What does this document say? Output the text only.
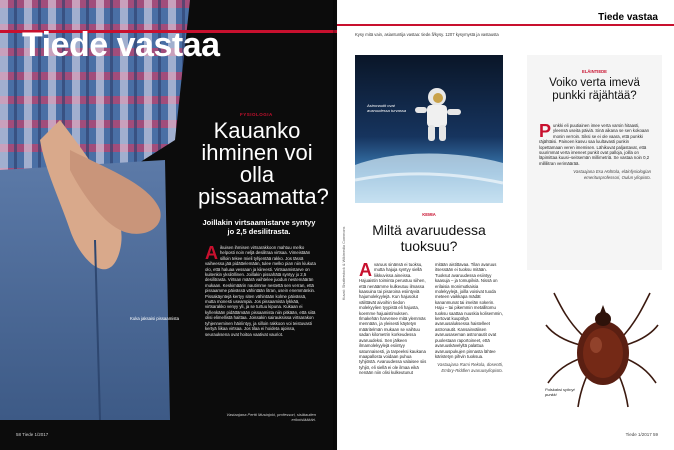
Tiede vastaa
FYSIOLOGIA
Kauanko ihminen voi olla pissaamatta?
Joillakin virtsaamistarve syntyy jo 2,5 desilitrasta.
A ikuisen ihmisen virtsarakkoon mahtuu melko helposti noin neljä desilitraa virtsaa. Vimeistään silloin tekee mieli tyhjentää rakko. Jos tässä vaiheessa jää pidättelemään, tulee melko pian niin kiukuta olo, että haluaa vessaan ja kiireesti. Virtsaamistarve on kuitenkin yksilöllinen. Joillakin pissahätä syntyy jo 2,5 desilitrasta. Virtsan määrä vaihtelee juodun nestemäärän mukaan. Keskimäärin nautimme nestettä sen verran, että pissaamme päivässä vähintään litran, usein enemmänkin. Pissakäyntejä kertyy siten vähintään kolme päivässä, mutta monesti useampia. Jos pissaamista lykkää, virtsarakko venyy yli, ja se turtuu kipuna. Kukaan ei kyllenkään pidättämään pissaamista niin pitkään, että siitä olisi elimellistä haittaa. Joissakin sairauksissa virtsarakon tyhjenneminen häiriintyy, ja silloin rakkoon voi teistuvasti kertyä liikaa virtsaa. Jos tilaa ei hoideta ajoissa, seurauksena ovat hoitoa vaativat vauriot.
Kuka jaksaisi pissaamista
Vastaajana Pertti Mustajoki, professori, sisätautien erikoislääkäri.
58 Tiede 1/2017
Tiede vastaa
Kysy mitä vain, asiantuntija vastaa: tiede.fi/kysy. 1207 kysymystä ja vastausta
Astronautit ovat avaruudessa turvassa
KEMIA
Miltä avaruudessa tuoksuu?
A varuus sinänsä ei tuoksu, mutta hajuja syntyy siellä liikkuvissa aineissa. Hajuaistin toiminta perustuu siihen, että nenäämme kulkeutuu ilmassa kaasuina tai pisaroina esiintyviä hajumolekyylejä. Kun hajusolut välittävät aivoihin tiedon molekyylien tyypistä eli hajusta, koemme hajuaistimuksen. Ilmakehän harvenee mitä ylemmäs mennään, ja yleisesti käytetyn määritelmän mukaan se vaihtuu sadan kilometrin korkeudessa avaruudeksi. Sen jälkeen ilmamolekyylejä esiintyy satunnaisesti, ja tarpeeksi kaukana maapallosta voidaan puhua tyhjiöstä. Avaruudessa valaisee siis tyhjiö, eli siellä ei ole ilmaa eikä nenään niin olisi kulkeutunut
mitään aistittavaa. Tilan avaruus itsessään ei tuoksu mitään. Tuoksut avaruudessa esiintyy kaasuja – ja tomupilviä. Nissä on erilaisia monimutkaisia molekyylejä, joilla voisivat tuoda meteen vaikkapa mädät kananmunat tai imelän sokerin. Haju – tai pikemmin metallitomu tuoksu saattaa nuuskia kolisemmin, kertovat kuupölyä avaruusaluksessa haistelleet astronautit. Kansainvälisen avaruusaseman astronautit ovat puolestaan raportoineet, että avaruuskävelyltä palattua avaruuspukujen pinnasta lähtee käristetyn pihvin tuoksua.
Vastaajana Rami Rekola, dosentti, Embry-Riddlen avaruusyliopisto.
Kuvat: Shutterstock & Wikimedia Commons
ELÄINTIEDE
Voiko verta imevä punkki räjähtää?
P unkki eli puutiainen imee verta varsin hitaasti, yleensä useita päiviä. Sinä aikana se sen kokoaan monin verroin. Siksi se ei ole vaara, että punkki räjähtäisi. Painoen kasvu saa luultavasti punkin lopettamaan veren imemisen. Lähikuvat paljastavat, että suurimmat verta imeneet punkit ovat palloja, joilla on läpimittaa kuusi–seitsemän millimetriä. Se vastaa noin 0,2 millilitran verimäärää.
Vastaajana Esa Hohtola, eläinfysiologian emeritusprofessori, Oulun yliopisto.
Pulskaksi syönyt punkki
Tiede 1/2017 59
